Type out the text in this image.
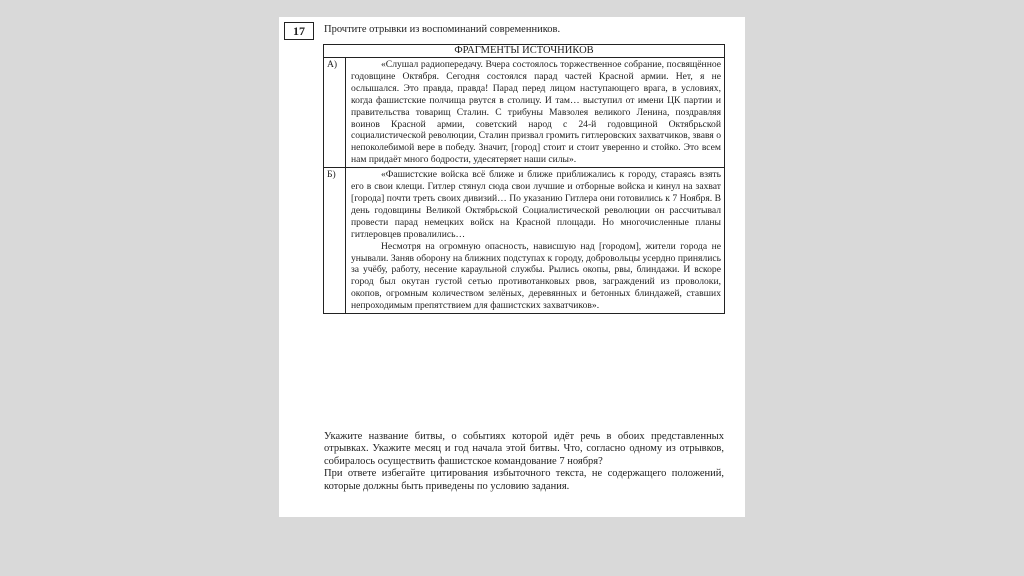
17	Прочтите отрывки из воспоминаний современников.
ФРАГМЕНТЫ ИСТОЧНИКОВ	
А)	«Слушал радиопередачу. Вчера состоялось торжественное собрание, посвящённое годовщине Октября. Сегодня состоялся парад частей Красной армии. Нет, я не ослышался. Это правда, правда! Парад перед лицом наступающего врага, в условиях, когда фашистские полчища рвутся в столицу. И там… выступил от имени ЦК партии и правительства товарищ Сталин. С трибуны Мавзолея великого Ленина, поздравляя воинов Красной армии, советский народ с 24-й годовщиной Октябрьской социалистической революции, Сталин призвал громить гитлеровских захватчиков, звавя о непоколебимой вере в победу. Значит, [город] стоит и стоит уверенно и стойко. Это всем нам придаёт много бодрости, удесятеряет наши силы».

Б)	«Фашистские войска всё ближе и ближе приближались к городу, стараясь взять его в свои клещи. Гитлер стянул сюда свои лучшие и отборные войска и кинул на захват [города] почти треть своих дивизий… По указанию Гитлера они готовились к 7 Ноября. В день годовщины Великой Октябрьской Социалистической революции он рассчитывал провести парад немецких войск на Красной площади. Но многочисленные планы гитлеровцев провалились…

Несмотря на огромную опасность, нависшую над [городом], жители города не унывали. Заняв оборону на ближних подступах к городу, добровольцы усердно принялись за учёбу, работу, несение караульной службы. Рылись окопы, рвы, блиндажи. И вскоре город был окутан густой сетью противотанковых рвов, заграждений из проволоки, окопов, огромным количеством зелёных, деревянных и бетонных блиндажей, ставших непроходимым препятствием для фашистских захватчиков».

Укажите название битвы, о событиях которой идёт речь в обоих представленных отрывках. Укажите месяц и год начала этой битвы. Что, согласно одному из отрывков, собиралось осуществить фашистское командование 7 ноября?

При ответе избегайте цитирования избыточного текста, не содержащего положений, которые должны быть приведены по условию задания.
